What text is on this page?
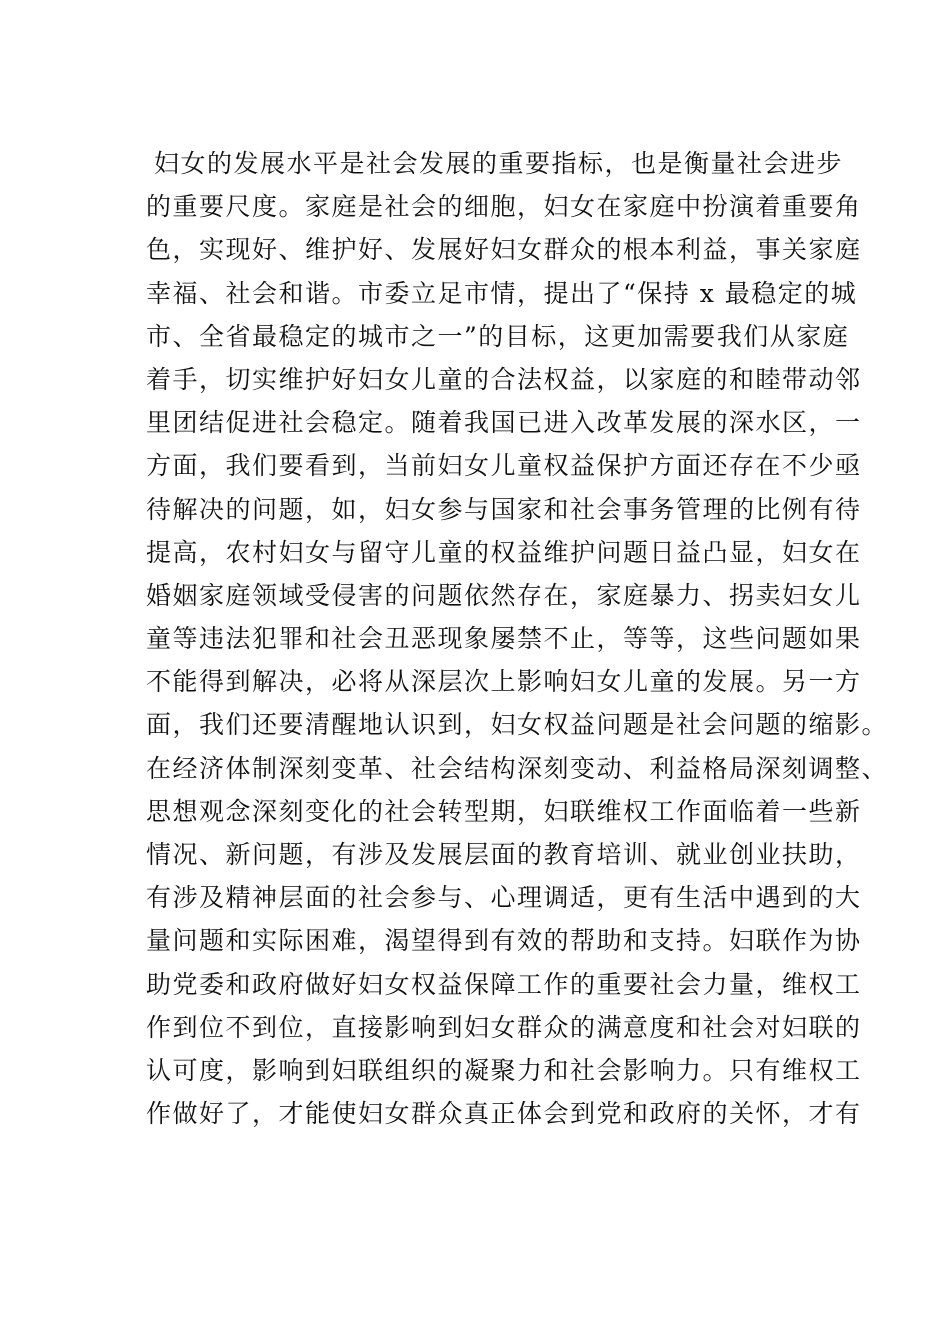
妇女的发展水平是社会发展的重要指标，也是衡量社会进步
的重要尺度。家庭是社会的细胞，妇女在家庭中扮演着重要角
色，实现好、维护好、发展好妇女群众的根本利益，事关家庭
幸福、社会和谐。市委立足市情，提出了“保持 x 最稳定的城
市、全省最稳定的城市之一”的目标，这更加需要我们从家庭
着手，切实维护好妇女儿童的合法权益，以家庭的和睦带动邻
里团结促进社会稳定。随着我国已进入改革发展的深水区，一
方面，我们要看到，当前妇女儿童权益保护方面还存在不少亟
待解决的问题，如，妇女参与国家和社会事务管理的比例有待
提高，农村妇女与留守儿童的权益维护问题日益凸显，妇女在
婚姻家庭领域受侵害的问题依然存在，家庭暴力、拐卖妇女儿
童等违法犯罪和社会丑恶现象屡禁不止，等等，这些问题如果
不能得到解决，必将从深层次上影响妇女儿童的发展。另一方
面，我们还要清醒地认识到，妇女权益问题是社会问题的缩影。
在经济体制深刻变革、社会结构深刻变动、利益格局深刻调整、
思想观念深刻变化的社会转型期，妇联维权工作面临着一些新
情况、新问题，有涉及发展层面的教育培训、就业创业扶助，
有涉及精神层面的社会参与、心理调适，更有生活中遇到的大
量问题和实际困难，渴望得到有效的帮助和支持。妇联作为协
助党委和政府做好妇女权益保障工作的重要社会力量，维权工
作到位不到位，直接影响到妇女群众的满意度和社会对妇联的
认可度，影响到妇联组织的凝聚力和社会影响力。只有维权工
作做好了，才能使妇女群众真正体会到党和政府的关怀，才有
